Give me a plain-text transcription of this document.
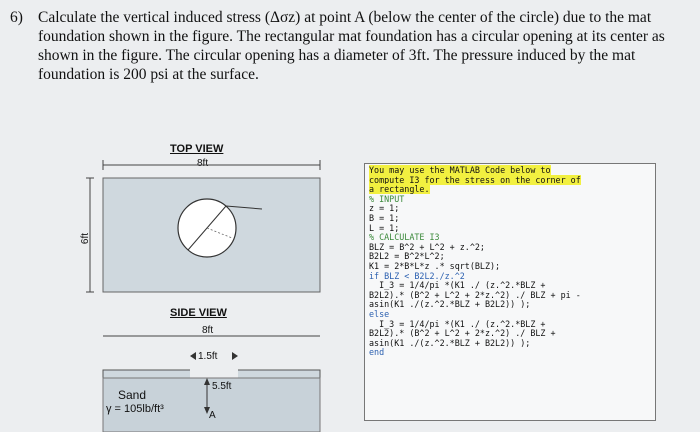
6) Calculate the vertical induced stress (Δσz) at point A (below the center of the circle) due to the mat foundation shown in the figure. The rectangular mat foundation has a circular opening at its center as shown in the figure. The circular opening has a diameter of 3ft. The pressure induced by the mat foundation is 200 psi at the surface.
TOP VIEW
8ft
6ft
SIDE VIEW
8ft
1.5ft
5.5ft
A
Sand
γ = 105lb/ft³
You may use the MATLAB Code below to
compute I3 for the stress on the corner of
a rectangle.
% INPUT
z = 1;
B = 1;
L = 1;
% CALCULATE I3
BLZ = B^2 + L^2 + z.^2;
B2L2 = B^2*L^2;
K1 = 2*B*L*z .* sqrt(BLZ);
if BLZ < B2L2./z.^2
I_3 = 1/4/pi *(K1 ./ (z.^2.*BLZ +
B2L2).* (B^2 + L^2 + 2*z.^2) ./ BLZ + pi -
asin(K1 ./(z.^2.*BLZ + B2L2)) );
else
I_3 = 1/4/pi *(K1 ./ (z.^2.*BLZ +
B2L2).* (B^2 + L^2 + 2*z.^2) ./ BLZ +
asin(K1 ./(z.^2.*BLZ + B2L2)) );
end
